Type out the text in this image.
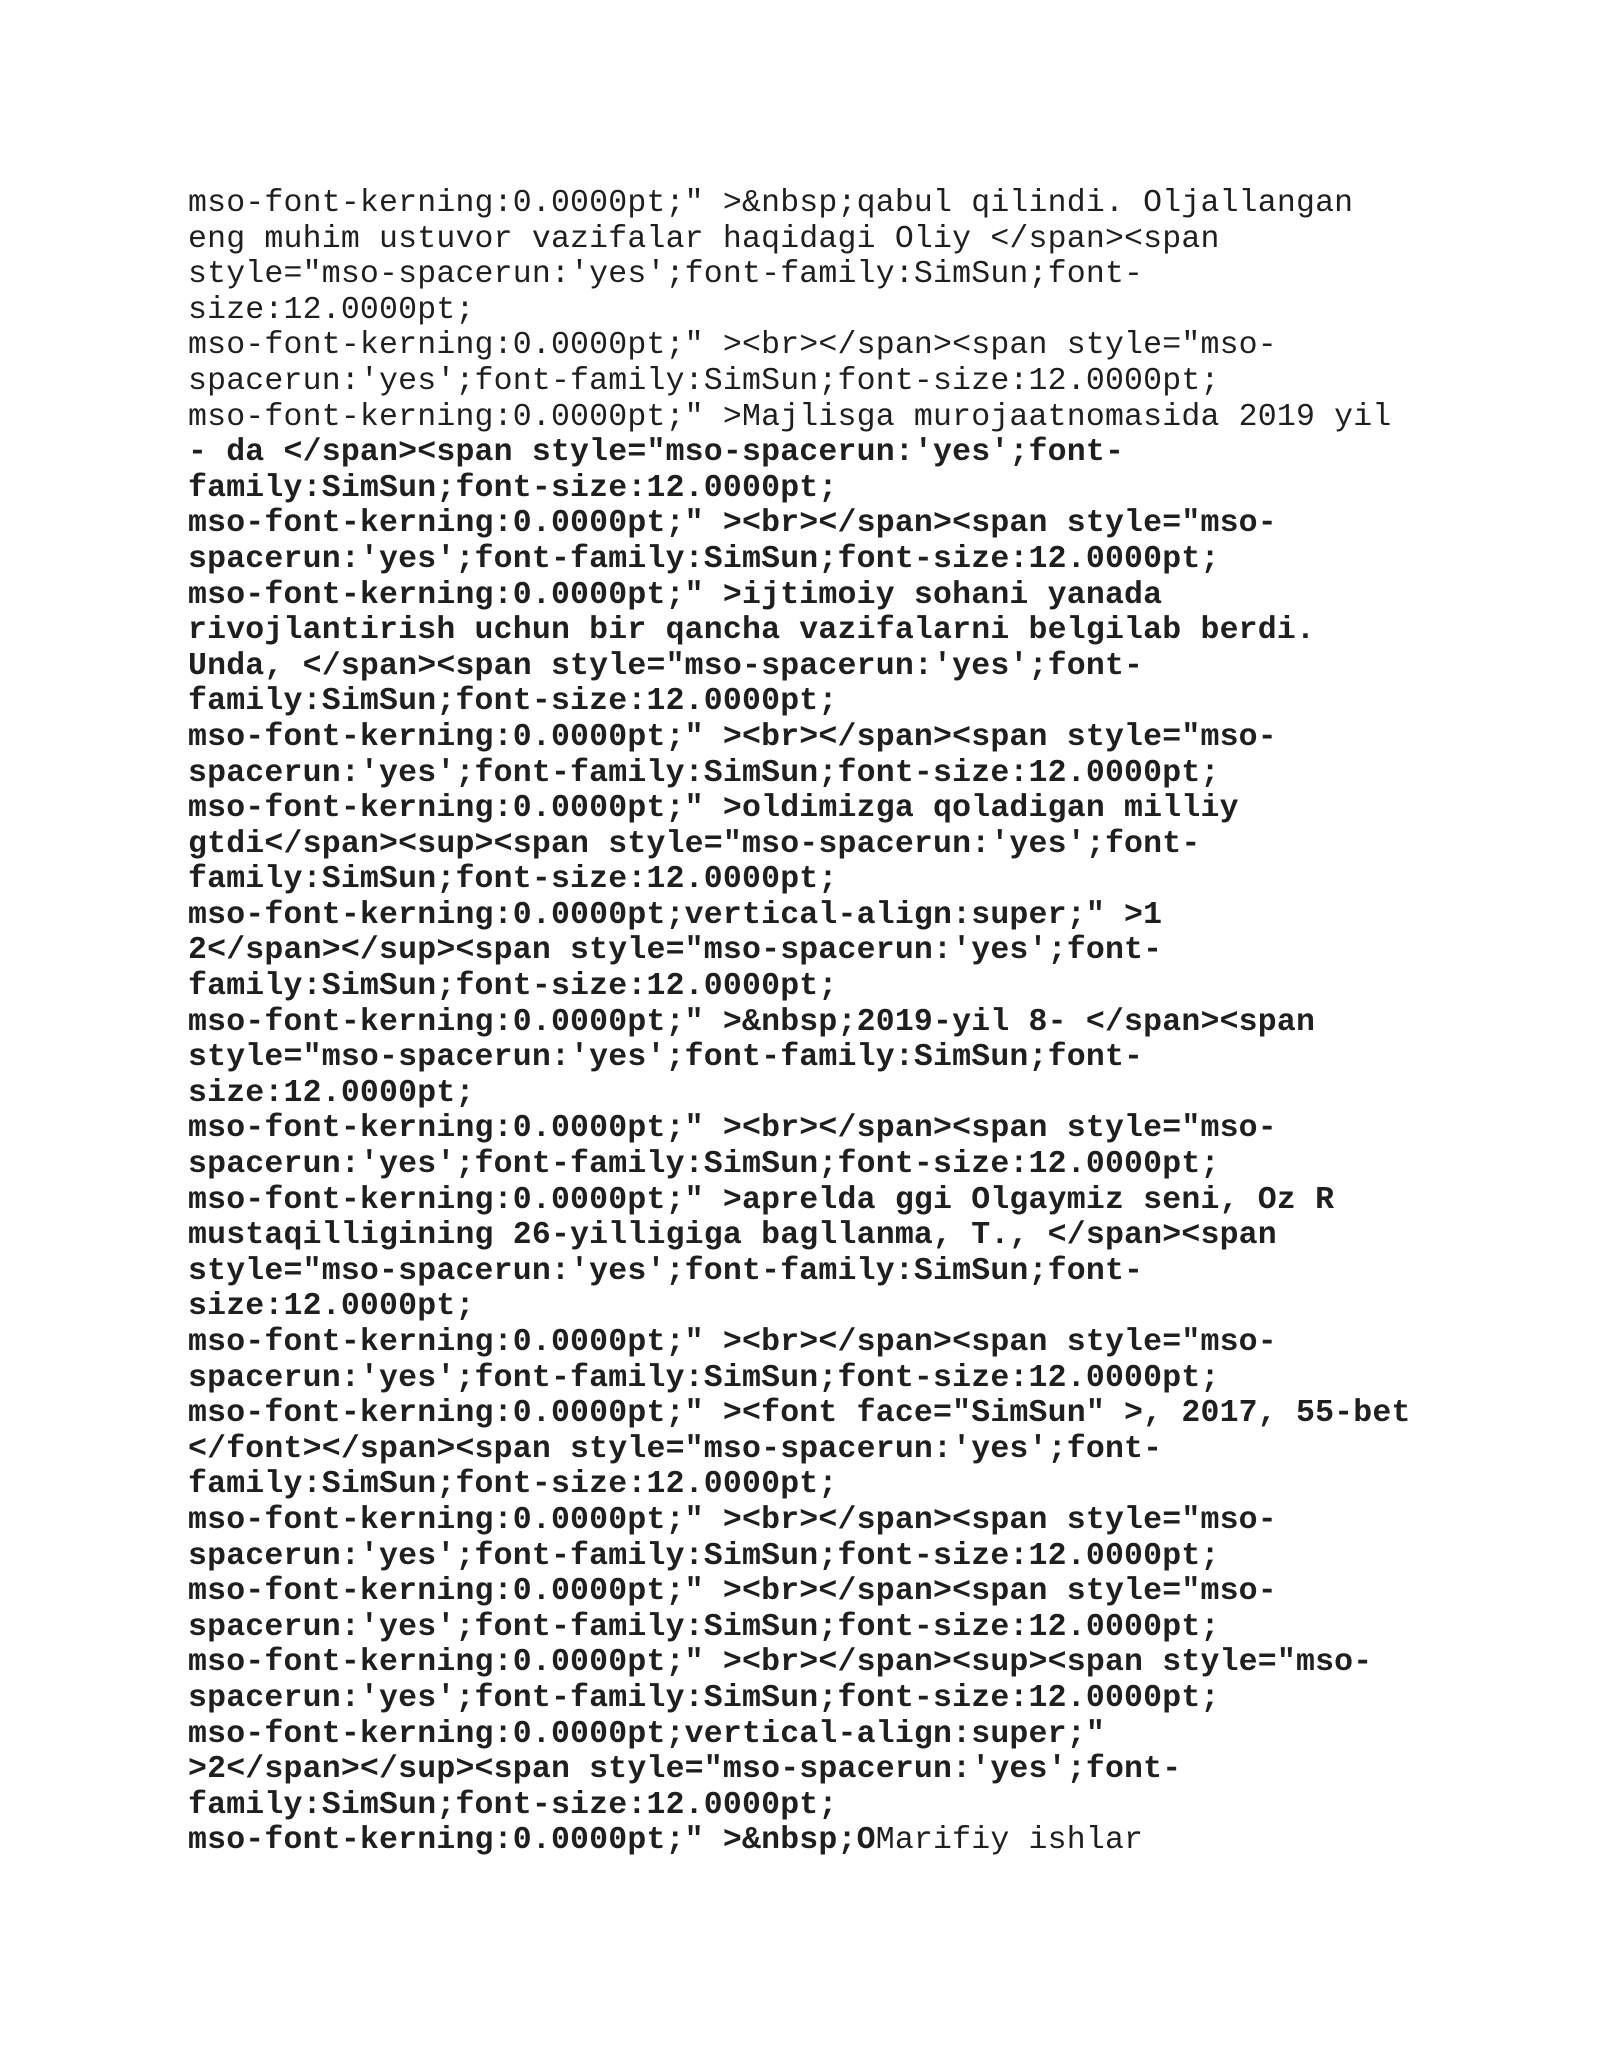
mso-font-kerning:0.0000pt;" >&nbsp;qabul qilindi. Oljallangan
eng muhim ustuvor vazifalar haqidagi Oliy </span><span
style="mso-spacerun:'yes';font-family:SimSun;font-
size:12.0000pt;
mso-font-kerning:0.0000pt;" ><br></span><span style="mso-
spacerun:'yes';font-family:SimSun;font-size:12.0000pt;
mso-font-kerning:0.0000pt;" >Majlisga murojaatnomasida 2019 yil
- da </span><span style="mso-spacerun:'yes';font-
family:SimSun;font-size:12.0000pt;
mso-font-kerning:0.0000pt;" ><br></span><span style="mso-
spacerun:'yes';font-family:SimSun;font-size:12.0000pt;
mso-font-kerning:0.0000pt;" >ijtimoiy sohani yanada
rivojlantirish uchun bir qancha vazifalarni belgilab berdi.
Unda, </span><span style="mso-spacerun:'yes';font-
family:SimSun;font-size:12.0000pt;
mso-font-kerning:0.0000pt;" ><br></span><span style="mso-
spacerun:'yes';font-family:SimSun;font-size:12.0000pt;
mso-font-kerning:0.0000pt;" >oldimizga qoladigan milliy
gtdi</span><sup><span style="mso-spacerun:'yes';font-
family:SimSun;font-size:12.0000pt;
mso-font-kerning:0.0000pt;vertical-align:super;" >1
2</span></sup><span style="mso-spacerun:'yes';font-
family:SimSun;font-size:12.0000pt;
mso-font-kerning:0.0000pt;" >&nbsp;2019-yil 8- </span><span
style="mso-spacerun:'yes';font-family:SimSun;font-
size:12.0000pt;
mso-font-kerning:0.0000pt;" ><br></span><span style="mso-
spacerun:'yes';font-family:SimSun;font-size:12.0000pt;
mso-font-kerning:0.0000pt;" >aprelda ggi Olgaymiz seni, Oz R
mustaqilligining 26-yilligiga bagllanma, T., </span><span
style="mso-spacerun:'yes';font-family:SimSun;font-
size:12.0000pt;
mso-font-kerning:0.0000pt;" ><br></span><span style="mso-
spacerun:'yes';font-family:SimSun;font-size:12.0000pt;
mso-font-kerning:0.0000pt;" ><font face="SimSun" >, 2017, 55-bet
</font></span><span style="mso-spacerun:'yes';font-
family:SimSun;font-size:12.0000pt;
mso-font-kerning:0.0000pt;" ><br></span><span style="mso-
spacerun:'yes';font-family:SimSun;font-size:12.0000pt;
mso-font-kerning:0.0000pt;" ><br></span><span style="mso-
spacerun:'yes';font-family:SimSun;font-size:12.0000pt;
mso-font-kerning:0.0000pt;" ><br></span><sup><span style="mso-
spacerun:'yes';font-family:SimSun;font-size:12.0000pt;
mso-font-kerning:0.0000pt;vertical-align:super;"
>2</span></sup><span style="mso-spacerun:'yes';font-
family:SimSun;font-size:12.0000pt;
mso-font-kerning:0.0000pt;" >&nbsp;OMarifiy ishlar
